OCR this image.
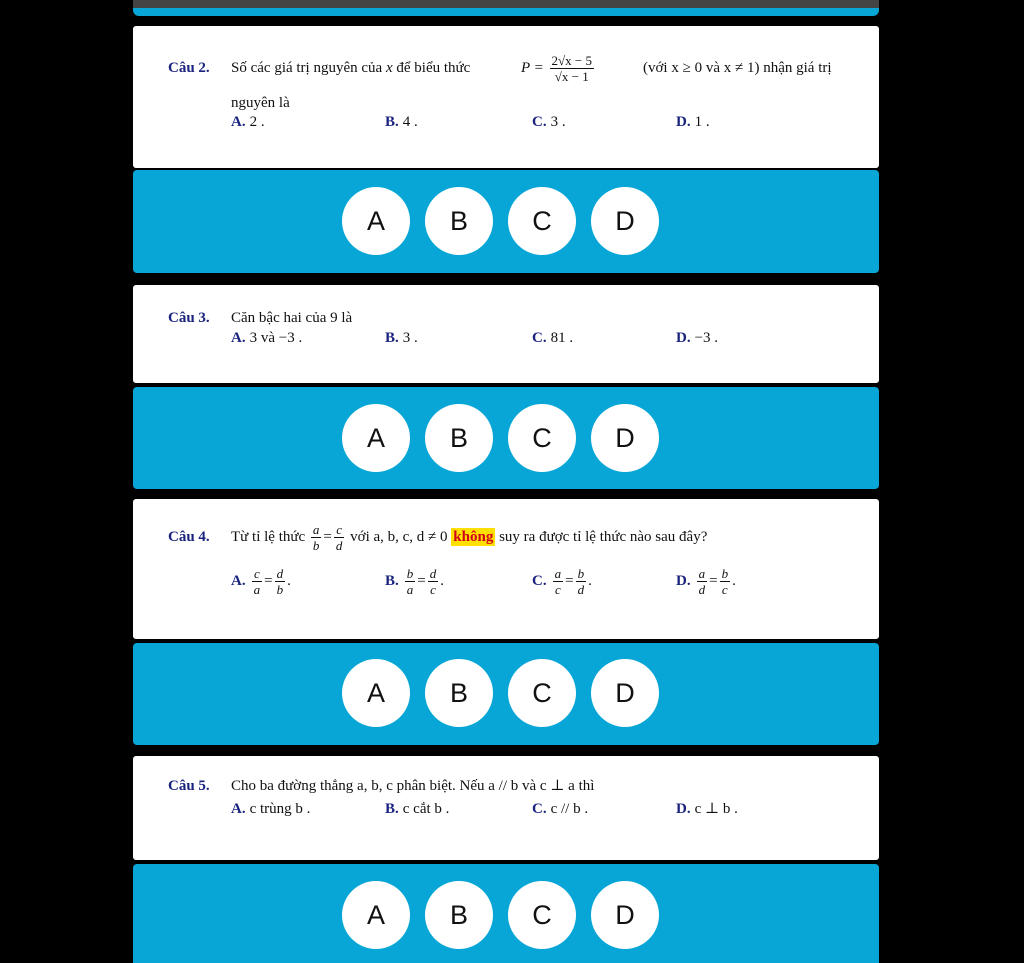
Câu 2. Số các giá trị nguyên của x để biểu thức	$P = \frac{2√x - 5}{√x - 1}$	(với x ≥ 0 và x ≠ 1) nhận giá trị
nguyên là
A. 2 .	B. 4 .	C. 3 .	D. 1 .
A	B	C	D
Câu 3. Căn bậc hai của 9 là
A. 3 và −3 .	B. 3 .	C. 81 .	D. −3 .
A	B	C	D
Câu 4. Từ tỉ lệ thức $\frac{a}{b} = \frac{c}{d}$ với a, b, c, d ≠ 0 không suy ra được tỉ lệ thức nào sau đây?
A. $\frac{c}{a} = \frac{d}{b}$ .	B. $\frac{b}{a} = \frac{d}{c}$ .	C. $\frac{a}{c} = \frac{b}{d}$ .	D. $\frac{a}{d} = \frac{b}{c}$ .
A	B	C	D
Câu 5. Cho ba đường thẳng a, b, c phân biệt. Nếu a // b và c ⊥ a thì
A. c trùng b .	B. c cắt b .	C. c // b .	D. c ⊥ b .
A	B	C	D
